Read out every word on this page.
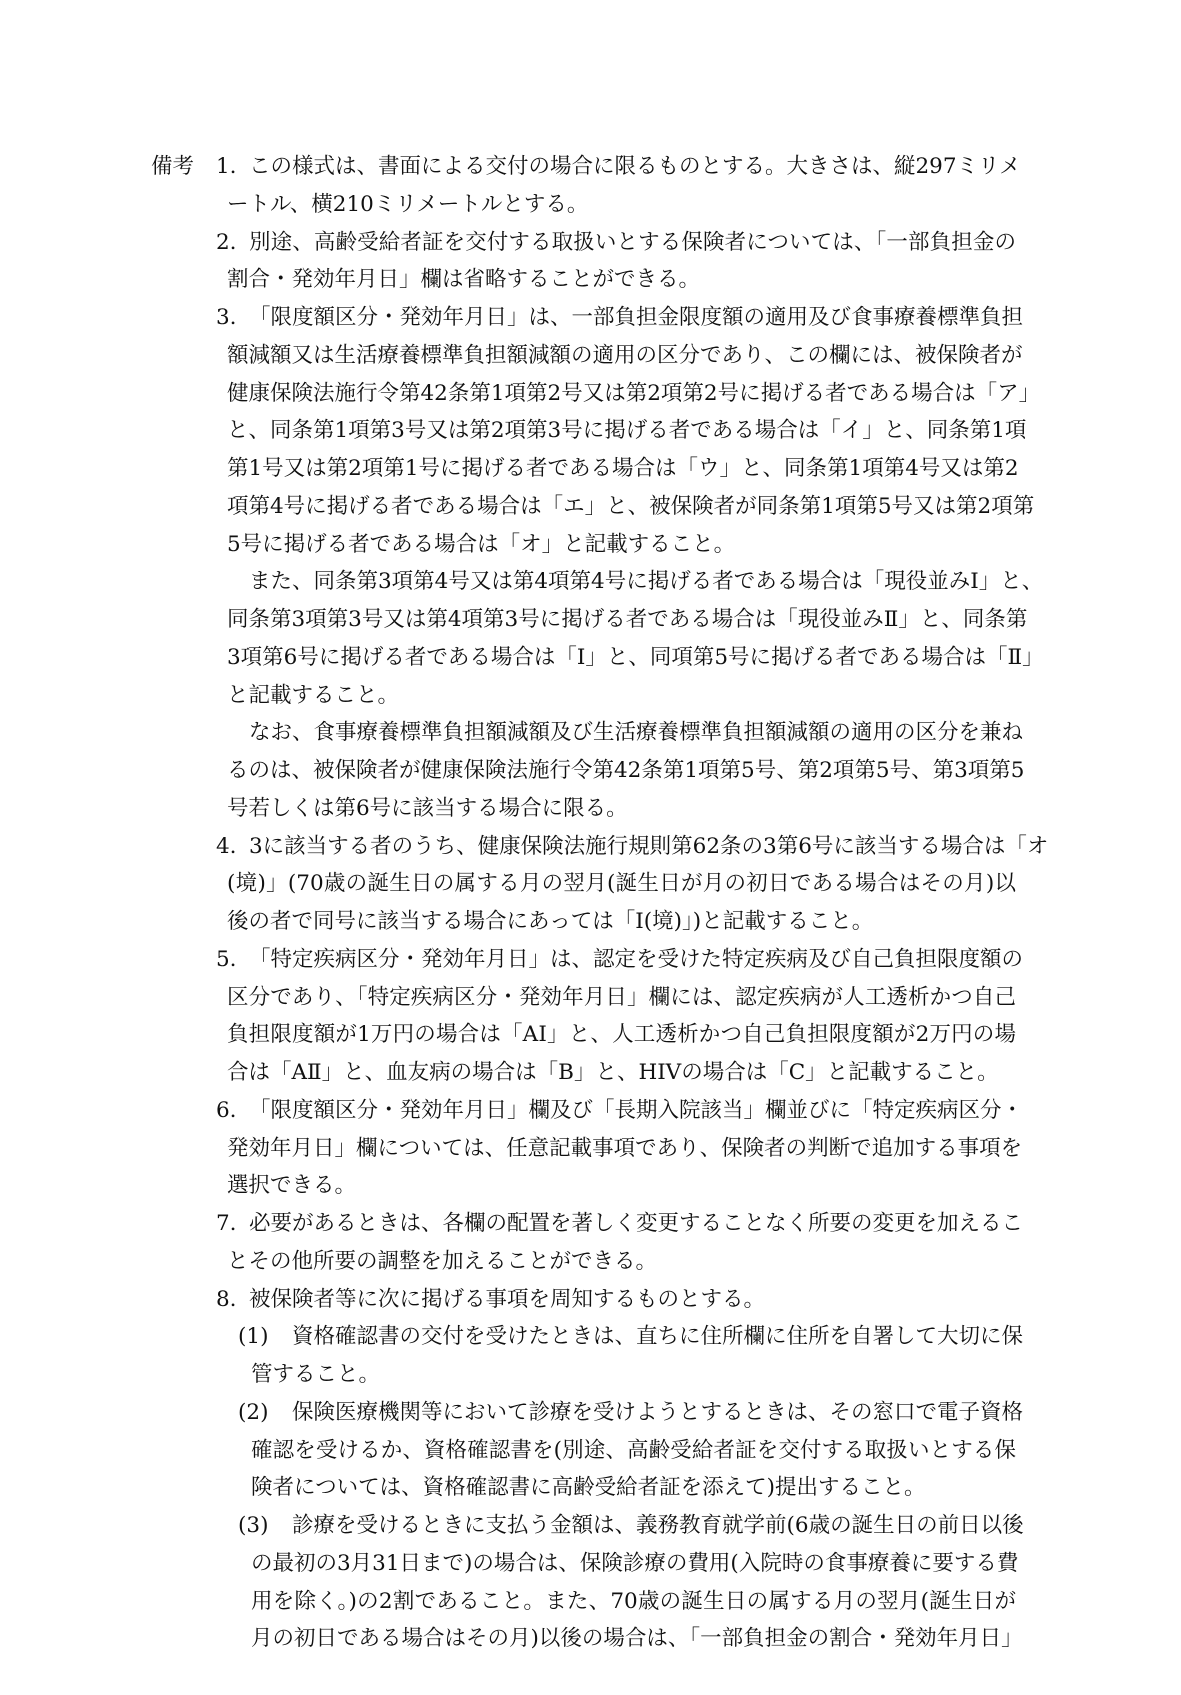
備考 1. この様式は、書面による交付の場合に限るものとする。大きさは、縦297ミリメ
ートル、横210ミリメートルとする。
2. 別途、高齢受給者証を交付する取扱いとする保険者については、「一部負担金の
割合・発効年月日」欄は省略することができる。
3. 「限度額区分・発効年月日」は、一部負担金限度額の適用及び食事療養標準負担
額減額又は生活療養標準負担額減額の適用の区分であり、この欄には、被保険者が
健康保険法施行令第42条第1項第2号又は第2項第2号に掲げる者である場合は「ア」
と、同条第1項第3号又は第2項第3号に掲げる者である場合は「イ」と、同条第1項
第1号又は第2項第1号に掲げる者である場合は「ウ」と、同条第1項第4号又は第2
項第4号に掲げる者である場合は「エ」と、被保険者が同条第1項第5号又は第2項第
5号に掲げる者である場合は「オ」と記載すること。
また、同条第3項第4号又は第4項第4号に掲げる者である場合は「現役並みⅠ」と、
同条第3項第3号又は第4項第3号に掲げる者である場合は「現役並みⅡ」と、同条第
3項第6号に掲げる者である場合は「Ⅰ」と、同項第5号に掲げる者である場合は「Ⅱ」
と記載すること。
なお、食事療養標準負担額減額及び生活療養標準負担額減額の適用の区分を兼ね
るのは、被保険者が健康保険法施行令第42条第1項第5号、第2項第5号、第3項第5
号若しくは第6号に該当する場合に限る。
4. 3に該当する者のうち、健康保険法施行規則第62条の3第6号に該当する場合は「オ
(境)」(70歳の誕生日の属する月の翌月(誕生日が月の初日である場合はその月)以
後の者で同号に該当する場合にあっては「Ⅰ(境)」)と記載すること。
5. 「特定疾病区分・発効年月日」は、認定を受けた特定疾病及び自己負担限度額の
区分であり、「特定疾病区分・発効年月日」欄には、認定疾病が人工透析かつ自己
負担限度額が1万円の場合は「AⅠ」と、人工透析かつ自己負担限度額が2万円の場
合は「AⅡ」と、血友病の場合は「B」と、HIVの場合は「C」と記載すること。
6. 「限度額区分・発効年月日」欄及び「長期入院該当」欄並びに「特定疾病区分・
発効年月日」欄については、任意記載事項であり、保険者の判断で追加する事項を
選択できる。
7. 必要があるときは、各欄の配置を著しく変更することなく所要の変更を加えるこ
とその他所要の調整を加えることができる。
8. 被保険者等に次に掲げる事項を周知するものとする。
(1) 資格確認書の交付を受けたときは、直ちに住所欄に住所を自署して大切に保
管すること。
(2) 保険医療機関等において診療を受けようとするときは、その窓口で電子資格
確認を受けるか、資格確認書を(別途、高齢受給者証を交付する取扱いとする保
険者については、資格確認書に高齢受給者証を添えて)提出すること。
(3) 診療を受けるときに支払う金額は、義務教育就学前(6歳の誕生日の前日以後
の最初の3月31日まで)の場合は、保険診療の費用(入院時の食事療養に要する費
用を除く。)の2割であること。また、70歳の誕生日の属する月の翌月(誕生日が
月の初日である場合はその月)以後の場合は、「一部負担金の割合・発効年月日」
